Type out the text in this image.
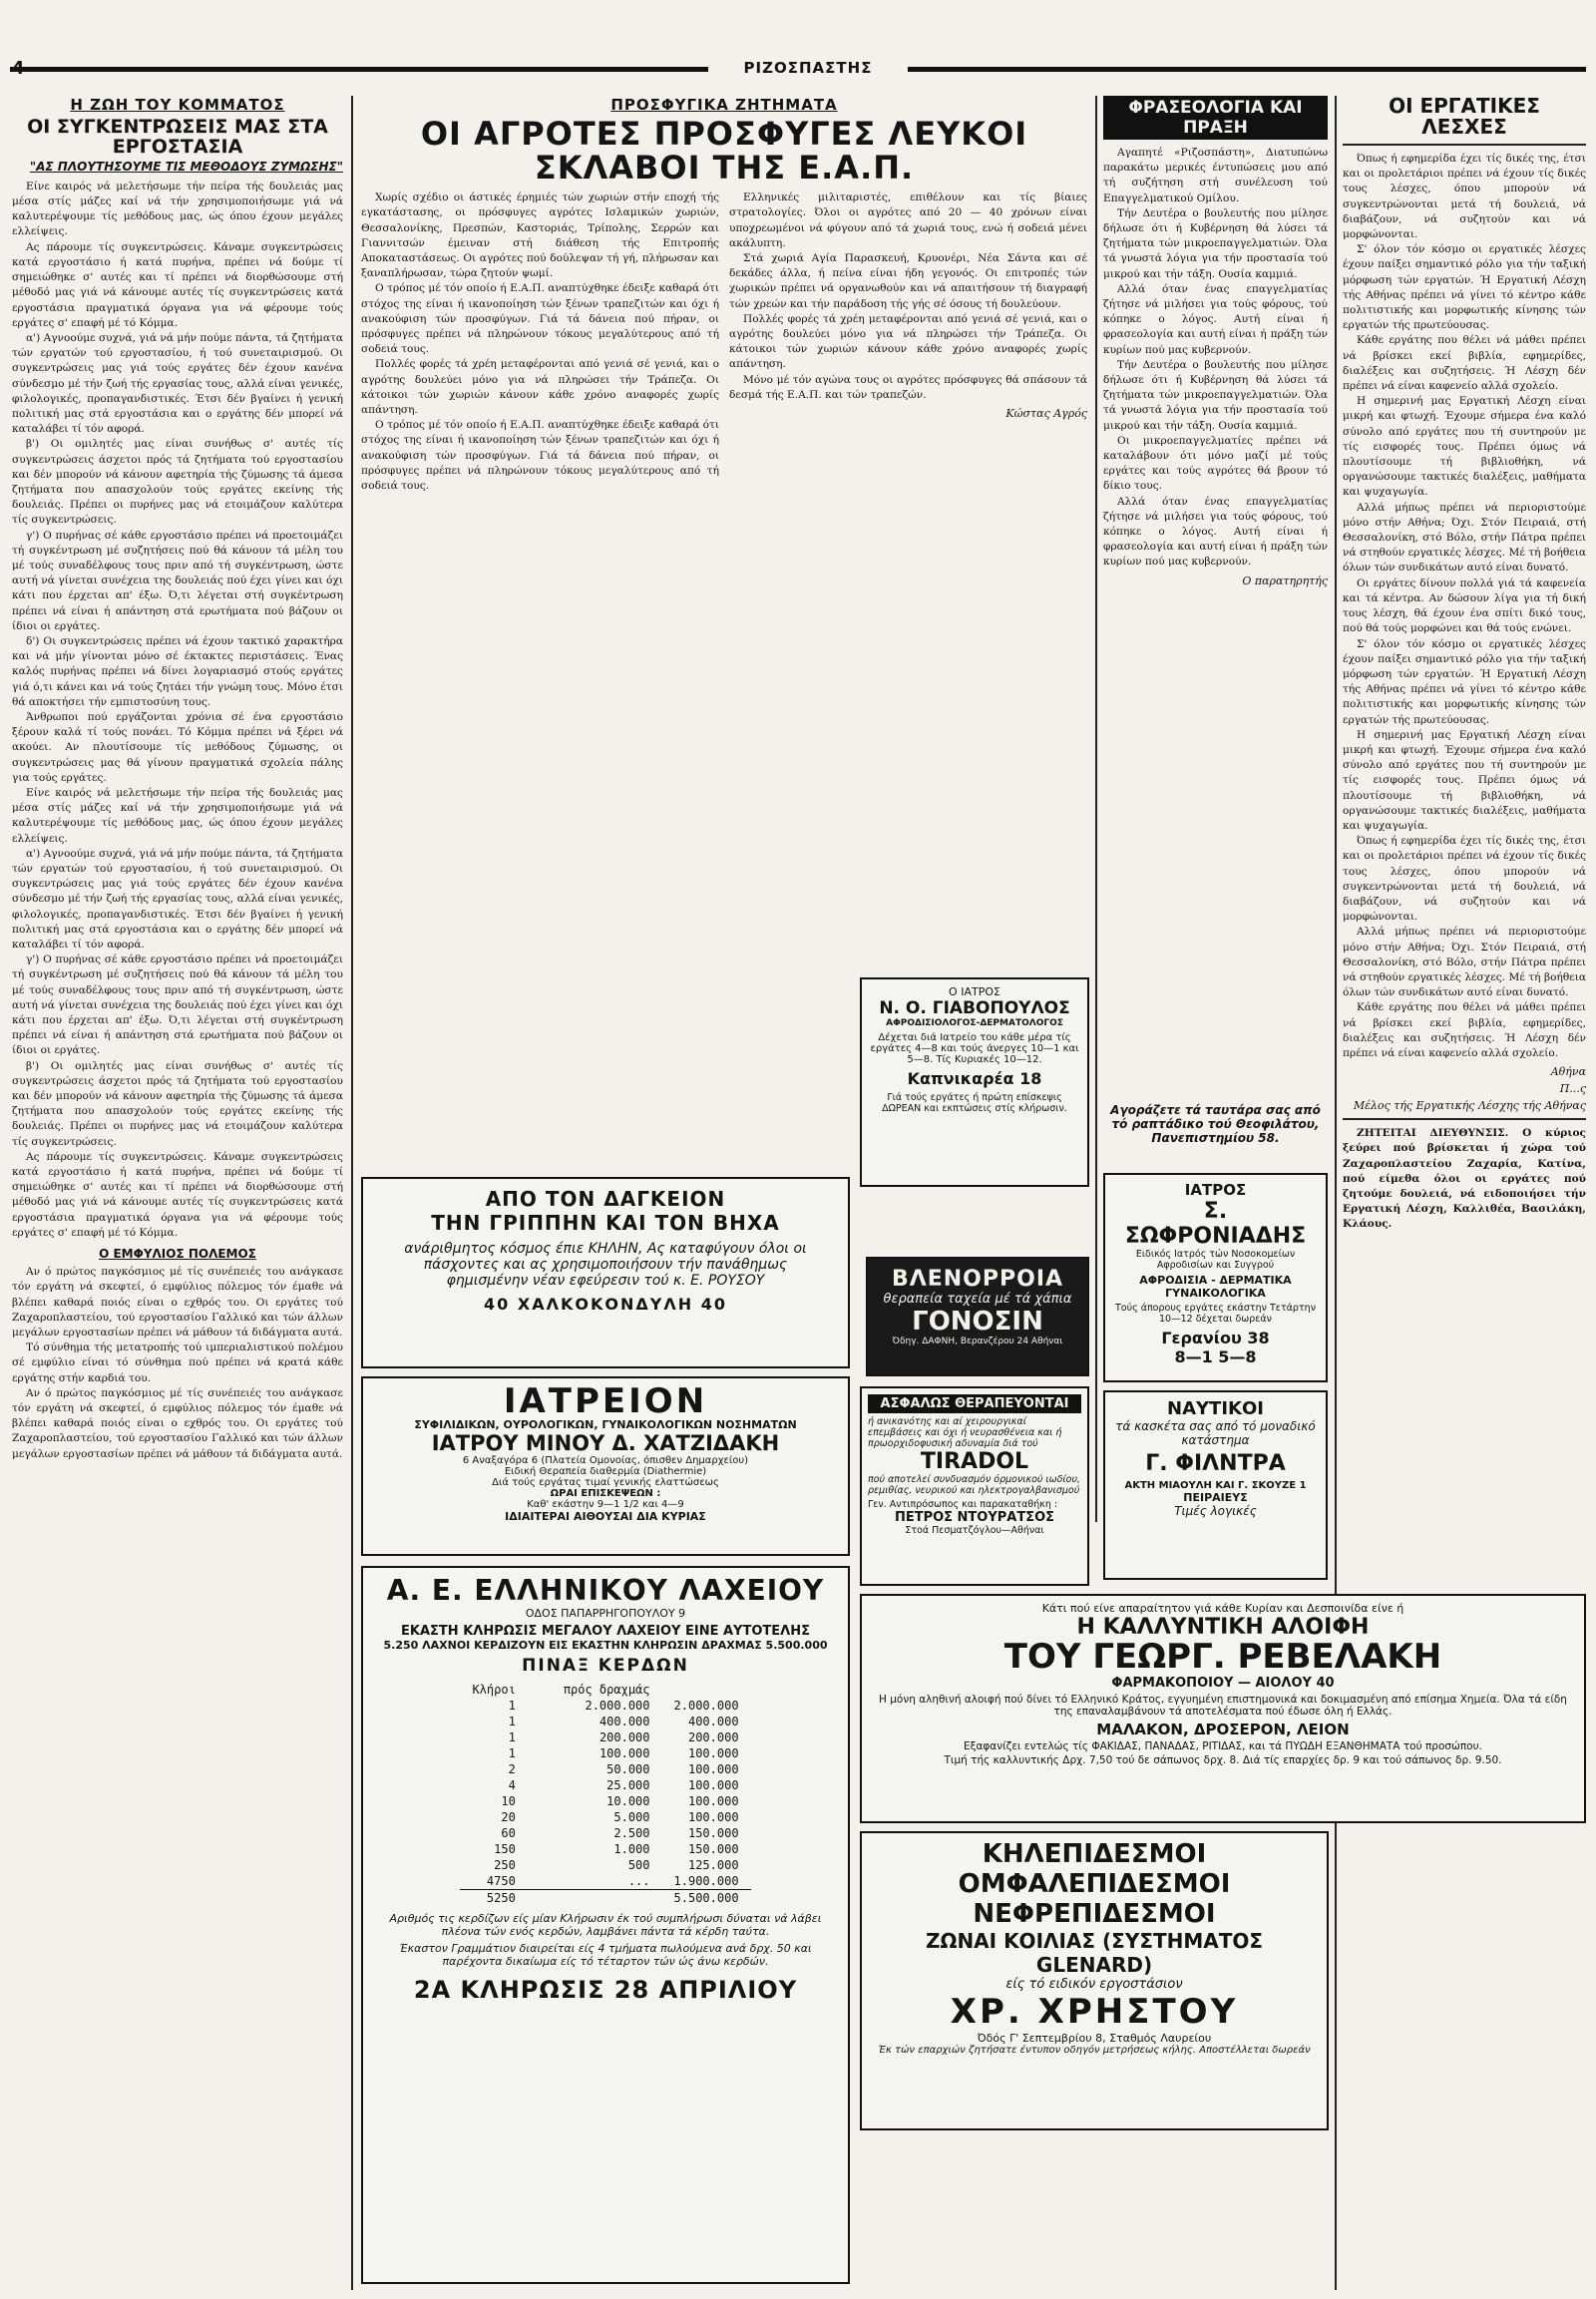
4	ΡΙΖΟΣΠΑΣΤΗΣ
Η ΖΩΗ ΤΟΥ ΚΟΜΜΑΤΟΣ
ΟΙ ΣΥΓΚΕΝΤΡΩΣΕΙΣ ΜΑΣ ΣΤΑ ΕΡΓΟΣΤΑΣΙΑ
"ΑΣ ΠΛΟΥΤΗΣΟΥΜΕ ΤΙΣ ΜΕΘΟΔΟΥΣ ΖΥΜΩΣΗΣ"

Είνε καιρός νά μελετήσωμε τήν πείρα τής δουλειάς μας μέσα στίς μάζες καί νά τήν χρησιμοποιήσωμε γιά νά καλυτερέψουμε τίς μεθόδους μας, ώς όπου έχουν μεγάλες ελλείψεις.

Ας πάρουμε τίς συγκεντρώσεις. Κάναμε συγκεντρώσεις κατά εργοστάσιο ή κατά πυρήνα, πρέπει νά δούμε τί σημειώθηκε σ' αυτές και τί πρέπει νά διορθώσουμε στή μέθοδό μας γιά νά κάνουμε αυτές τίς συγκεντρώσεις κατά εργοστάσια πραγματικά όργανα για νά φέρουμε τούς εργάτες σ' επαφή μέ τό Κόμμα.

α') Αγνοούμε συχνά, γιά νά μήν πούμε πάντα, τά ζητήματα τών εργατών τού εργοστασίου, ή τού συνεταιρισμού. Οι συγκεντρώσεις μας γιά τούς εργάτες δέν έχουν κανένα σύνδεσμο μέ τήν ζωή τής εργασίας τους, αλλά είναι γενικές, φιλολογικές, προπαγανδιστικές. Έτσι δέν βγαίνει ή γενική πολιτική μας στά εργοστάσια και ο εργάτης δέν μπορεί νά καταλάβει τί τόν αφορά.

β') Οι ομιλητές μας είναι συνήθως σ' αυτές τίς συγκεντρώσεις άσχετοι πρός τά ζητήματα τού εργοστασίου και δέν μπορούν νά κάνουν αφετηρία τής ζύμωσης τά άμεσα ζητήματα που απασχολούν τούς εργάτες εκείνης τής δουλειάς. Πρέπει οι πυρήνες μας νά ετοιμάζουν καλύτερα τίς συγκεντρώσεις.

γ') Ο πυρήνας σέ κάθε εργοστάσιο πρέπει νά προετοιμάζει τή συγκέντρωση μέ συζητήσεις πού θά κάνουν τά μέλη του μέ τούς συναδέλφους τους πριν από τή συγκέντρωση, ώστε αυτή νά γίνεται συνέχεια της δουλειάς πού έχει γίνει και όχι κάτι που έρχεται απ' έξω. Ό,τι λέγεται στή συγκέντρωση πρέπει νά είναι ή απάντηση στά ερωτήματα πού βάζουν οι ίδιοι οι εργάτες.

δ') Οι συγκεντρώσεις πρέπει νά έχουν τακτικό χαρακτήρα και νά μήν γίνονται μόνο σέ έκτακτες περιστάσεις. Ένας καλός πυρήνας πρέπει νά δίνει λογαριασμό στούς εργάτες γιά ό,τι κάνει και νά τούς ζητάει τήν γνώμη τους. Μόνο έτσι θά αποκτήσει τήν εμπιστοσύνη τους.

Άνθρωποι πού εργάζονται χρόνια σέ ένα εργοστάσιο ξέρουν καλά τί τούς πονάει. Τό Κόμμα πρέπει νά ξέρει νά ακούει. Αν πλουτίσουμε τίς μεθόδους ζύμωσης, οι συγκεντρώσεις μας θά γίνουν πραγματικά σχολεία πάλης για τούς εργάτες.

Είνε καιρός νά μελετήσωμε τήν πείρα τής δουλειάς μας μέσα στίς μάζες καί νά τήν χρησιμοποιήσωμε γιά νά καλυτερέψουμε τίς μεθόδους μας, ώς όπου έχουν μεγάλες ελλείψεις.

α') Αγνοούμε συχνά, γιά νά μήν πούμε πάντα, τά ζητήματα τών εργατών τού εργοστασίου, ή τού συνεταιρισμού. Οι συγκεντρώσεις μας γιά τούς εργάτες δέν έχουν κανένα σύνδεσμο μέ τήν ζωή τής εργασίας τους, αλλά είναι γενικές, φιλολογικές, προπαγανδιστικές. Έτσι δέν βγαίνει ή γενική πολιτική μας στά εργοστάσια και ο εργάτης δέν μπορεί νά καταλάβει τί τόν αφορά.

γ') Ο πυρήνας σέ κάθε εργοστάσιο πρέπει νά προετοιμάζει τή συγκέντρωση μέ συζητήσεις πού θά κάνουν τά μέλη του μέ τούς συναδέλφους τους πριν από τή συγκέντρωση, ώστε αυτή νά γίνεται συνέχεια της δουλειάς πού έχει γίνει και όχι κάτι που έρχεται απ' έξω. Ό,τι λέγεται στή συγκέντρωση πρέπει νά είναι ή απάντηση στά ερωτήματα πού βάζουν οι ίδιοι οι εργάτες.

β') Οι ομιλητές μας είναι συνήθως σ' αυτές τίς συγκεντρώσεις άσχετοι πρός τά ζητήματα τού εργοστασίου και δέν μπορούν νά κάνουν αφετηρία τής ζύμωσης τά άμεσα ζητήματα που απασχολούν τούς εργάτες εκείνης τής δουλειάς. Πρέπει οι πυρήνες μας νά ετοιμάζουν καλύτερα τίς συγκεντρώσεις.

Ας πάρουμε τίς συγκεντρώσεις. Κάναμε συγκεντρώσεις κατά εργοστάσιο ή κατά πυρήνα, πρέπει νά δούμε τί σημειώθηκε σ' αυτές και τί πρέπει νά διορθώσουμε στή μέθοδό μας γιά νά κάνουμε αυτές τίς συγκεντρώσεις κατά εργοστάσια πραγματικά όργανα για νά φέρουμε τούς εργάτες σ' επαφή μέ τό Κόμμα.

Ο ΕΜΦΥΛΙΟΣ ΠΟΛΕΜΟΣ

Αν ό πρώτος παγκόσμιος μέ τίς συνέπειές του ανάγκασε τόν εργάτη νά σκεφτεί, ό εμφύλιος πόλεμος τόν έμαθε νά βλέπει καθαρά ποιός είναι ο εχθρός του. Οι εργάτες τού Ζαχαροπλαστείου, τού εργοστασίου Γαλλικό και τών άλλων μεγάλων εργοστασίων πρέπει νά μάθουν τά διδάγματα αυτά.

Τό σύνθημα τής μετατροπής τού ιμπεριαλιστικού πολέμου σέ εμφύλιο είναι τό σύνθημα πού πρέπει νά κρατά κάθε εργάτης στήν καρδιά του.

Αν ό πρώτος παγκόσμιος μέ τίς συνέπειές του ανάγκασε τόν εργάτη νά σκεφτεί, ό εμφύλιος πόλεμος τόν έμαθε νά βλέπει καθαρά ποιός είναι ο εχθρός του. Οι εργάτες τού Ζαχαροπλαστείου, τού εργοστασίου Γαλλικό και τών άλλων μεγάλων εργοστασίων πρέπει νά μάθουν τά διδάγματα αυτά.

ΠΡΟΣΦΥΓΙΚΑ ΖΗΤΗΜΑΤΑ
ΟΙ ΑΓΡΟΤΕΣ ΠΡΟΣΦΥΓΕΣ ΛΕΥΚΟΙ ΣΚΛΑΒΟΙ ΤΗΣ Ε.Α.Π.

Χωρίς σχέδιο οι άστικές έρημιές τών χωριών στήν εποχή τής εγκατάστασης, οι πρόσφυγες αγρότες Ισλαμικών χωριών, Θεσσαλονίκης, Πρεσπών, Καστοριάς, Τρίπολης, Σερρών και Γιαννιτσών έμειναν στή διάθεση τής Επιτροπής Αποκαταστάσεως. Οι αγρότες πού δούλεψαν τή γή, πλήρωσαν και ξαναπλήρωσαν, τώρα ζητούν ψωμί.

Ο τρόπος μέ τόν οποίο ή Ε.Α.Π. αναπτύχθηκε έδειξε καθαρά ότι στόχος της είναι ή ικανοποίηση τών ξένων τραπεζιτών και όχι ή ανακούφιση τών προσφύγων. Γιά τά δάνεια πού πήραν, οι πρόσφυγες πρέπει νά πληρώνουν τόκους μεγαλύτερους από τή σοδειά τους.

Πολλές φορές τά χρέη μεταφέρονται από γενιά σέ γενιά, και ο αγρότης δουλεύει μόνο για νά πληρώσει τήν Τράπεζα. Οι κάτοικοι τών χωριών κάνουν κάθε χρόνο αναφορές χωρίς απάντηση.

Ο τρόπος μέ τόν οποίο ή Ε.Α.Π. αναπτύχθηκε έδειξε καθαρά ότι στόχος της είναι ή ικανοποίηση τών ξένων τραπεζιτών και όχι ή ανακούφιση τών προσφύγων. Γιά τά δάνεια πού πήραν, οι πρόσφυγες πρέπει νά πληρώνουν τόκους μεγαλύτερους από τή σοδειά τους.

Ελληνικές μιλιταριστές, επιθέλουν και τίς βίαιες στρατολογίες. Όλοι οι αγρότες από 20 — 40 χρόνων είναι υποχρεωμένοι νά φύγουν από τά χωριά τους, ενώ ή σοδειά μένει ακάλυπτη.

Στά χωριά Αγία Παρασκευή, Κρυονέρι, Νέα Σάντα και σέ δεκάδες άλλα, ή πείνα είναι ήδη γεγονός. Οι επιτροπές τών χωρικών πρέπει νά οργανωθούν και νά απαιτήσουν τή διαγραφή τών χρεών και τήν παράδοση τής γής σέ όσους τή δουλεύουν.

Πολλές φορές τά χρέη μεταφέρονται από γενιά σέ γενιά, και ο αγρότης δουλεύει μόνο για νά πληρώσει τήν Τράπεζα. Οι κάτοικοι τών χωριών κάνουν κάθε χρόνο αναφορές χωρίς απάντηση.

Μόνο μέ τόν αγώνα τους οι αγρότες πρόσφυγες θά σπάσουν τά δεσμά τής Ε.Α.Π. και τών τραπεζών.

Κώστας Αγρός
ΦΡΑΣΕΟΛΟΓΙΑ ΚΑΙ ΠΡΑΞΗ

Αγαπητέ «Ριζοσπάστη», Διατυπώνω παρακάτω μερικές έντυπώσεις μου από τή συζήτηση στή συνέλευση τού Επαγγελματικού Ομίλου.

Τήν Δευτέρα ο βουλευτής που μίλησε δήλωσε ότι ή Κυβέρνηση θά λύσει τά ζητήματα τών μικροεπαγγελματιών. Όλα τά γνωστά λόγια για τήν προστασία τού μικρού και τήν τάξη. Ουσία καμμιά.

Αλλά όταν ένας επαγγελματίας ζήτησε νά μιλήσει για τούς φόρους, τού κόπηκε ο λόγος. Αυτή είναι ή φρασεολογία και αυτή είναι ή πράξη τών κυρίων πού μας κυβερνούν.

Τήν Δευτέρα ο βουλευτής που μίλησε δήλωσε ότι ή Κυβέρνηση θά λύσει τά ζητήματα τών μικροεπαγγελματιών. Όλα τά γνωστά λόγια για τήν προστασία τού μικρού και τήν τάξη. Ουσία καμμιά.

Οι μικροεπαγγελματίες πρέπει νά καταλάβουν ότι μόνο μαζί μέ τούς εργάτες και τούς αγρότες θά βρουν τό δίκιο τους.

Αλλά όταν ένας επαγγελματίας ζήτησε νά μιλήσει για τούς φόρους, τού κόπηκε ο λόγος. Αυτή είναι ή φρασεολογία και αυτή είναι ή πράξη τών κυρίων πού μας κυβερνούν.

Ο παρατηρητής
ΟΙ ΕΡΓΑΤΙΚΕΣ ΛΕΣΧΕΣ

Όπως ή εφημερίδα έχει τίς δικές της, έτσι και οι προλετάριοι πρέπει νά έχουν τίς δικές τους λέσχες, όπου μπορούν νά συγκεντρώνονται μετά τή δουλειά, νά διαβάζουν, νά συζητούν και νά μορφώνονται.

Σ' όλον τόν κόσμο οι εργατικές λέσχες έχουν παίξει σημαντικό ρόλο για τήν ταξική μόρφωση τών εργατών. Ή Εργατική Λέσχη τής Αθήνας πρέπει νά γίνει τό κέντρο κάθε πολιτιστικής και μορφωτικής κίνησης τών εργατών τής πρωτεύουσας.

Κάθε εργάτης που θέλει νά μάθει πρέπει νά βρίσκει εκεί βιβλία, εφημερίδες, διαλέξεις και συζητήσεις. Ή Λέσχη δέν πρέπει νά είναι καφενείο αλλά σχολείο.

Η σημερινή μας Εργατική Λέσχη είναι μικρή και φτωχή. Έχουμε σήμερα ένα καλό σύνολο από εργάτες που τή συντηρούν με τίς εισφορές τους. Πρέπει όμως νά πλουτίσουμε τή βιβλιοθήκη, νά οργανώσουμε τακτικές διαλέξεις, μαθήματα και ψυχαγωγία.

Αλλά μήπως πρέπει νά περιοριστούμε μόνο στήν Αθήνα; Όχι. Στόν Πειραιά, στή Θεσσαλονίκη, στό Βόλο, στήν Πάτρα πρέπει νά στηθούν εργατικές λέσχες. Μέ τή βοήθεια όλων τών συνδικάτων αυτό είναι δυνατό.

Οι εργάτες δίνουν πολλά γιά τά καφενεία και τά κέντρα. Αν δώσουν λίγα για τή δική τους λέσχη, θά έχουν ένα σπίτι δικό τους, πού θά τούς μορφώνει και θά τούς ενώνει.

Σ' όλον τόν κόσμο οι εργατικές λέσχες έχουν παίξει σημαντικό ρόλο για τήν ταξική μόρφωση τών εργατών. Ή Εργατική Λέσχη τής Αθήνας πρέπει νά γίνει τό κέντρο κάθε πολιτιστικής και μορφωτικής κίνησης τών εργατών τής πρωτεύουσας.

Η σημερινή μας Εργατική Λέσχη είναι μικρή και φτωχή. Έχουμε σήμερα ένα καλό σύνολο από εργάτες που τή συντηρούν με τίς εισφορές τους. Πρέπει όμως νά πλουτίσουμε τή βιβλιοθήκη, νά οργανώσουμε τακτικές διαλέξεις, μαθήματα και ψυχαγωγία.

Όπως ή εφημερίδα έχει τίς δικές της, έτσι και οι προλετάριοι πρέπει νά έχουν τίς δικές τους λέσχες, όπου μπορούν νά συγκεντρώνονται μετά τή δουλειά, νά διαβάζουν, νά συζητούν και νά μορφώνονται.

Αλλά μήπως πρέπει νά περιοριστούμε μόνο στήν Αθήνα; Όχι. Στόν Πειραιά, στή Θεσσαλονίκη, στό Βόλο, στήν Πάτρα πρέπει νά στηθούν εργατικές λέσχες. Μέ τή βοήθεια όλων τών συνδικάτων αυτό είναι δυνατό.

Κάθε εργάτης που θέλει νά μάθει πρέπει νά βρίσκει εκεί βιβλία, εφημερίδες, διαλέξεις και συζητήσεις. Ή Λέσχη δέν πρέπει νά είναι καφενείο αλλά σχολείο.

Αθήνα
Π...ς
Μέλος τής Εργατικής Λέσχης τής Αθήνας

ΖΗΤΕΙΤΑΙ ΔΙΕΥΘΥΝΣΙΣ. Ο κύριος ξεύρει πού βρίσκεται ή χώρα τού Ζαχαροπλαστείου Ζαχαρία, Κατίνα, πού είμεθα όλοι οι εργάτες πού ζητούμε δουλειά, νά ειδοποιήσει τήν Εργατική Λέσχη, Καλλιθέα, Βασιλάκη, Κλάους.

Ο ΙΑΤΡΟΣ
Ν. Ο. ΓΙΑΒΟΠΟΥΛΟΣ
ΑΦΡΟΔΙΣΙΟΛΟΓΟΣ-ΔΕΡΜΑΤΟΛΟΓΟΣ
Δέχεται διά Ιατρείο του κάθε μέρα τίς εργάτες 4—8 και τούς άνεργες 10—1 και 5—8. Τίς Κυριακές 10—12.
Καπνικαρέα 18
Γιά τούς εργάτες ή πρώτη επίσκεψις ΔΩΡΕΑΝ και εκπτώσεις στίς κλήρωσιν.	Αγοράζετε τά ταυτάρα σας από τό ραπτάδικο τού Θεοφιλάτου, Πανεπιστημίου 58.
ΙΑΤΡΟΣ
Σ. ΣΩΦΡΟΝΙΑΔΗΣ
Ειδικός Ιατρός τών Νοσοκομείων Αφροδισίων και Συγγρού
ΑΦΡΟΔΙΣΙΑ - ΔΕΡΜΑΤΙΚΑ ΓΥΝΑΙΚΟΛΟΓΙΚΑ
Τούς άπορους εργάτες εκάστην Τετάρτην 10—12 δέχεται δωρεάν
Γερανίου 38
8—1 5—8
ΒΛΕΝΟΡΡΟΙΑ
θεραπεία ταχεία μέ τά χάπια
ΓΟΝΟΣΙΝ
Όδηγ. ΔΑΦΝΗ, Βερανζέρου 24 Αθήναι
ΑΠΟ ΤΟΝ ΔΑΓΚΕΙΟΝ
ΤΗΝ ΓΡΙΠΠΗΝ ΚΑΙ ΤΟΝ ΒΗΧΑ
ανάριθμητος κόσμος έπιε ΚΗΛΗΝ, Ας καταφύγουν όλοι οι πάσχοντες και ας χρησιμοποιήσουν τήν πανάθημως φημισμένην νέαν εφεύρεσιν τού κ. Ε. ΡΟΥΣΟΥ
40 ΧΑΛΚΟΚΟΝΔΥΛΗ 40
ΙΑΤΡΕΙΟΝ
ΣΥΦΙΛΙΔΙΚΩΝ, ΟΥΡΟΛΟΓΙΚΩΝ, ΓΥΝΑΙΚΟΛΟΓΙΚΩΝ ΝΟΣΗΜΑΤΩΝ
ΙΑΤΡΟΥ ΜΙΝΟΥ Δ. ΧΑΤΖΙΔΑΚΗ
6 Αναξαγόρα 6 (Πλατεία Ομονοίας, όπισθεν Δημαρχείου)
Ειδική Θεραπεία διαθερμία (Diathermie)
Διά τούς εργάτας τιμαί γενικής ελαττώσεως
ΩΡΑΙ ΕΠΙΣΚΕΨΕΩΝ :
Καθ' εκάστην 9—1 1/2 και 4—9
ΙΔΙΑΙΤΕΡΑΙ ΑΙΘΟΥΣΑΙ ΔΙΑ ΚΥΡΙΑΣ
ΑΣΦΑΛΩΣ ΘΕΡΑΠΕΥΟΝΤΑΙ
ή ανικανότης και αί χειρουργικαί επεμβάσεις και όχι ή νευρασθένεια και ή πρωορχιδοφυσική αδυναμία διά τού
TIRADOL
πού αποτελεί συνδυασμόν όρμονικού ιωδίου, ρεμιθίας, νευρικού και ηλεκτρογαλβανισμού
Γεν. Αντιπρόσωπος και παρακαταθήκη :
ΠΕΤΡΟΣ ΝΤΟΥΡΑΤΣΟΣ
Στοά Πεσματζόγλου—Αθήναι
ΝΑΥΤΙΚΟΙ
τά κασκέτα σας από τό μοναδικό κατάστημα
Γ. ΦΙΛΝΤΡΑ
ΑΚΤΗ ΜΙΑΟΥΛΗ ΚΑΙ Γ. ΣΚΟΥΖΕ 1
ΠΕΙΡΑΙΕΥΣ
Τιμές λογικές
Α. Ε. ΕΛΛΗΝΙΚΟΥ ΛΑΧΕΙΟΥ
ΟΔΟΣ ΠΑΠΑΡΡΗΓΟΠΟΥΛΟΥ 9
ΕΚΑΣΤΗ ΚΛΗΡΩΣΙΣ ΜΕΓΑΛΟΥ ΛΑΧΕΙΟΥ ΕΙΝΕ ΑΥΤΟΤΕΛΗΣ
5.250 ΛΑΧΝΟΙ ΚΕΡΔΙΖΟΥΝ ΕΙΣ ΕΚΑΣΤΗΝ ΚΛΗΡΩΣΙΝ ΔΡΑΧΜΑΣ 5.500.000
ΠΙΝΑΞ ΚΕΡΔΩΝ
Κλήροι		πρός δραχμάς	
1		2.000.000	2.000.000
1		400.000	400.000
1		200.000	200.000
1		100.000	100.000
2		50.000	100.000
4		25.000	100.000
10		10.000	100.000
20		5.000	100.000
60		2.500	150.000
150		1.000	150.000
250		500	125.000
4750		...	1.900.000
5250			5.500.000
Αριθμός τις κερδίζων είς μίαν Κλήρωσιν έκ τού συμπλήρωσι δύναται νά λάβει πλέονα τών ενός κερδών, λαμβάνει πάντα τά κέρδη ταύτα.
Έκαστον Γραμμάτιον διαιρείται είς 4 τμήματα πωλούμενα ανά δρχ. 50 και παρέχοντα δικαίωμα είς τό τέταρτον τών ώς άνω κερδών.
2Α ΚΛΗΡΩΣΙΣ 28 ΑΠΡΙΛΙΟΥ
Κάτι πού είνε απαραίτητον γιά κάθε Κυρίαν και Δεσποινίδα είνε ή
Η ΚΑΛΛΥΝΤΙΚΗ ΑΛΟΙΦΗ
ΤΟΥ ΓΕΩΡΓ. ΡΕΒΕΛΑΚΗ
ΦΑΡΜΑΚΟΠΟΙΟΥ — ΑΙΟΛΟΥ 40
Η μόνη αληθινή αλοιφή πού δίνει τό Ελληνικό Κράτος, εγγυημένη επιστημονικά και δοκιμασμένη από επίσημα Χημεία. Όλα τά είδη της επαναλαμβάνουν τά αποτελέσματα πού έδωσε όλη ή Ελλάς.
ΜΑΛΑΚΟΝ, ΔΡΟΣΕΡΟΝ, ΛΕΙΟΝ
Εξαφανίζει εντελώς τίς ΦΑΚΙΔΑΣ, ΠΑΝΑΔΑΣ, ΡΙΤΙΔΑΣ, και τά ΠΥΩΔΗ ΕΞΑΝΘΗΜΑΤΑ τού προσώπου.
Τιμή τής καλλυντικής Δρχ. 7,50 τού δε σάπωνος δρχ. 8. Διά τίς επαρχίες δρ. 9 και τού σάπωνος δρ. 9.50.
ΚΗΛΕΠΙΔΕΣΜΟΙ
ΟΜΦΑΛΕΠΙΔΕΣΜΟΙ
ΝΕΦΡΕΠΙΔΕΣΜΟΙ
ΖΩΝΑΙ ΚΟΙΛΙΑΣ (ΣΥΣΤΗΜΑΤΟΣ GLENARD)
είς τό ειδικόν εργοστάσιον
ΧΡ. ΧΡΗΣΤΟΥ
Όδός Γ' Σεπτεμβρίου 8, Σταθμός Λαυρείου
Έκ τών επαρχιών ζητήσατε έντυπον οδηγόν μετρήσεως κήλης. Αποστέλλεται δωρεάν
